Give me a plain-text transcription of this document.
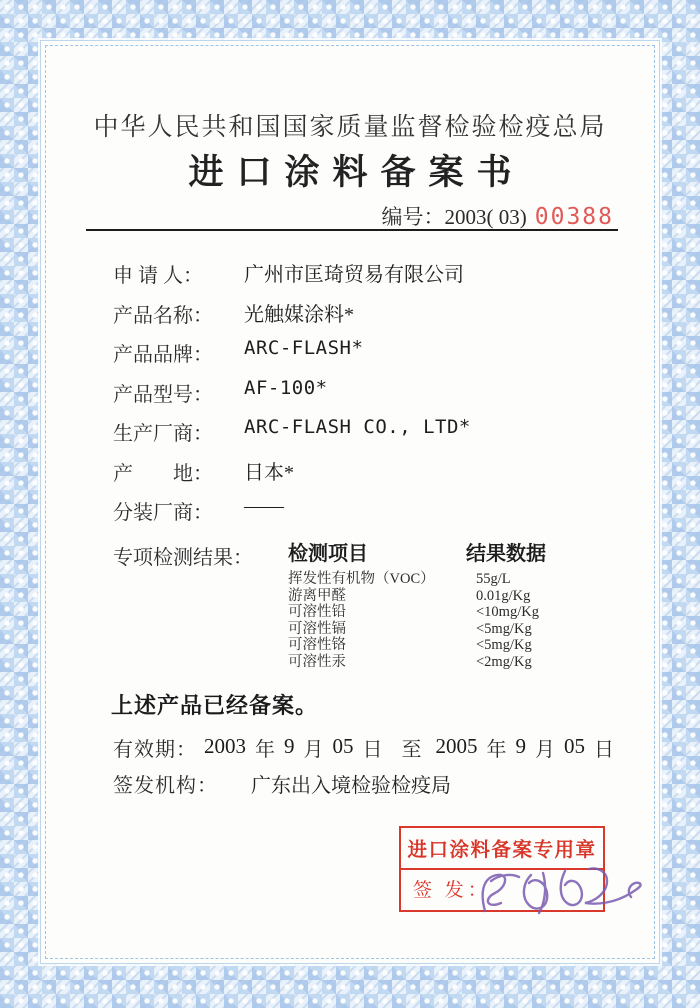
中华人民共和国国家质量监督检验检疫总局
进口涂料备案书
编号：2003( 03) 00388
申 请 人： 广州市匡琦贸易有限公司
产品名称： 光触媒涂料*
产品品牌： ARC-FLASH*
产品型号： AF-100*
生产厂商： ARC-FLASH CO., LTD*
产　　地： 日本*
分装厂商： ——
专项检测结果： 检测项目	结果数据
挥发性有机物（VOC）	55g/L
游离甲醛	0.01g/Kg
可溶性铅	<10mg/Kg
可溶性镉	<5mg/Kg
可溶性铬	<5mg/Kg
可溶性汞	<2mg/Kg
上述产品已经备案。
有效期： 2003 年 9 月 05 日 至 2005 年 9 月 05 日
签发机构： 广东出入境检验检疫局
进口涂料备案专用章
签 发：
